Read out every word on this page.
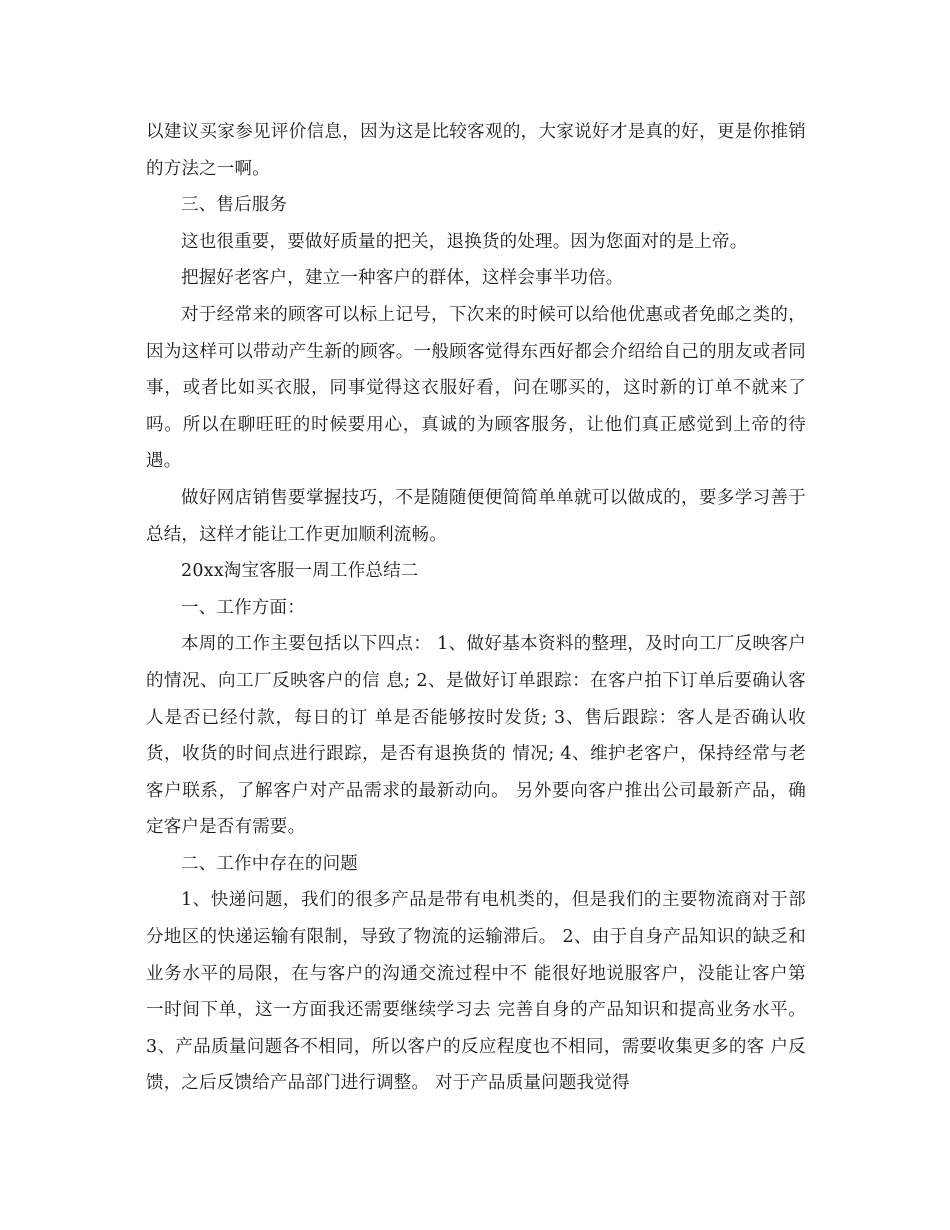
以建议买家参见评价信息，因为这是比较客观的，大家说好才是真的好，更是你推销的方法之一啊。

三、售后服务

这也很重要，要做好质量的把关，退换货的处理。因为您面对的是上帝。

把握好老客户，建立一种客户的群体，这样会事半功倍。

对于经常来的顾客可以标上记号，下次来的时候可以给他优惠或者免邮之类的，因为这样可以带动产生新的顾客。一般顾客觉得东西好都会介绍给自己的朋友或者同事，或者比如买衣服，同事觉得这衣服好看，问在哪买的，这时新的订单不就来了吗。所以在聊旺旺的时候要用心，真诚的为顾客服务，让他们真正感觉到上帝的待遇。

做好网店销售要掌握技巧，不是随随便便简简单单就可以做成的，要多学习善于总结，这样才能让工作更加顺利流畅。

20xx淘宝客服一周工作总结二

一、工作方面：

本周的工作主要包括以下四点： 1、做好基本资料的整理，及时向工厂反映客户的情况、向工厂反映客户的信 息; 2、是做好订单跟踪：在客户拍下订单后要确认客人是否已经付款，每日的订 单是否能够按时发货; 3、售后跟踪：客人是否确认收货，收货的时间点进行跟踪，是否有退换货的 情况; 4、维护老客户，保持经常与老客户联系，了解客户对产品需求的最新动向。 另外要向客户推出公司最新产品，确定客户是否有需要。

二、工作中存在的问题

1、快递问题，我们的很多产品是带有电机类的，但是我们的主要物流商对于部 分地区的快递运输有限制，导致了物流的运输滞后。 2、由于自身产品知识的缺乏和业务水平的局限，在与客户的沟通交流过程中不 能很好地说服客户，没能让客户第一时间下单，这一方面我还需要继续学习去 完善自身的产品知识和提高业务水平。 3、产品质量问题各不相同，所以客户的反应程度也不相同，需要收集更多的客 户反馈，之后反馈给产品部门进行调整。 对于产品质量问题我觉得
